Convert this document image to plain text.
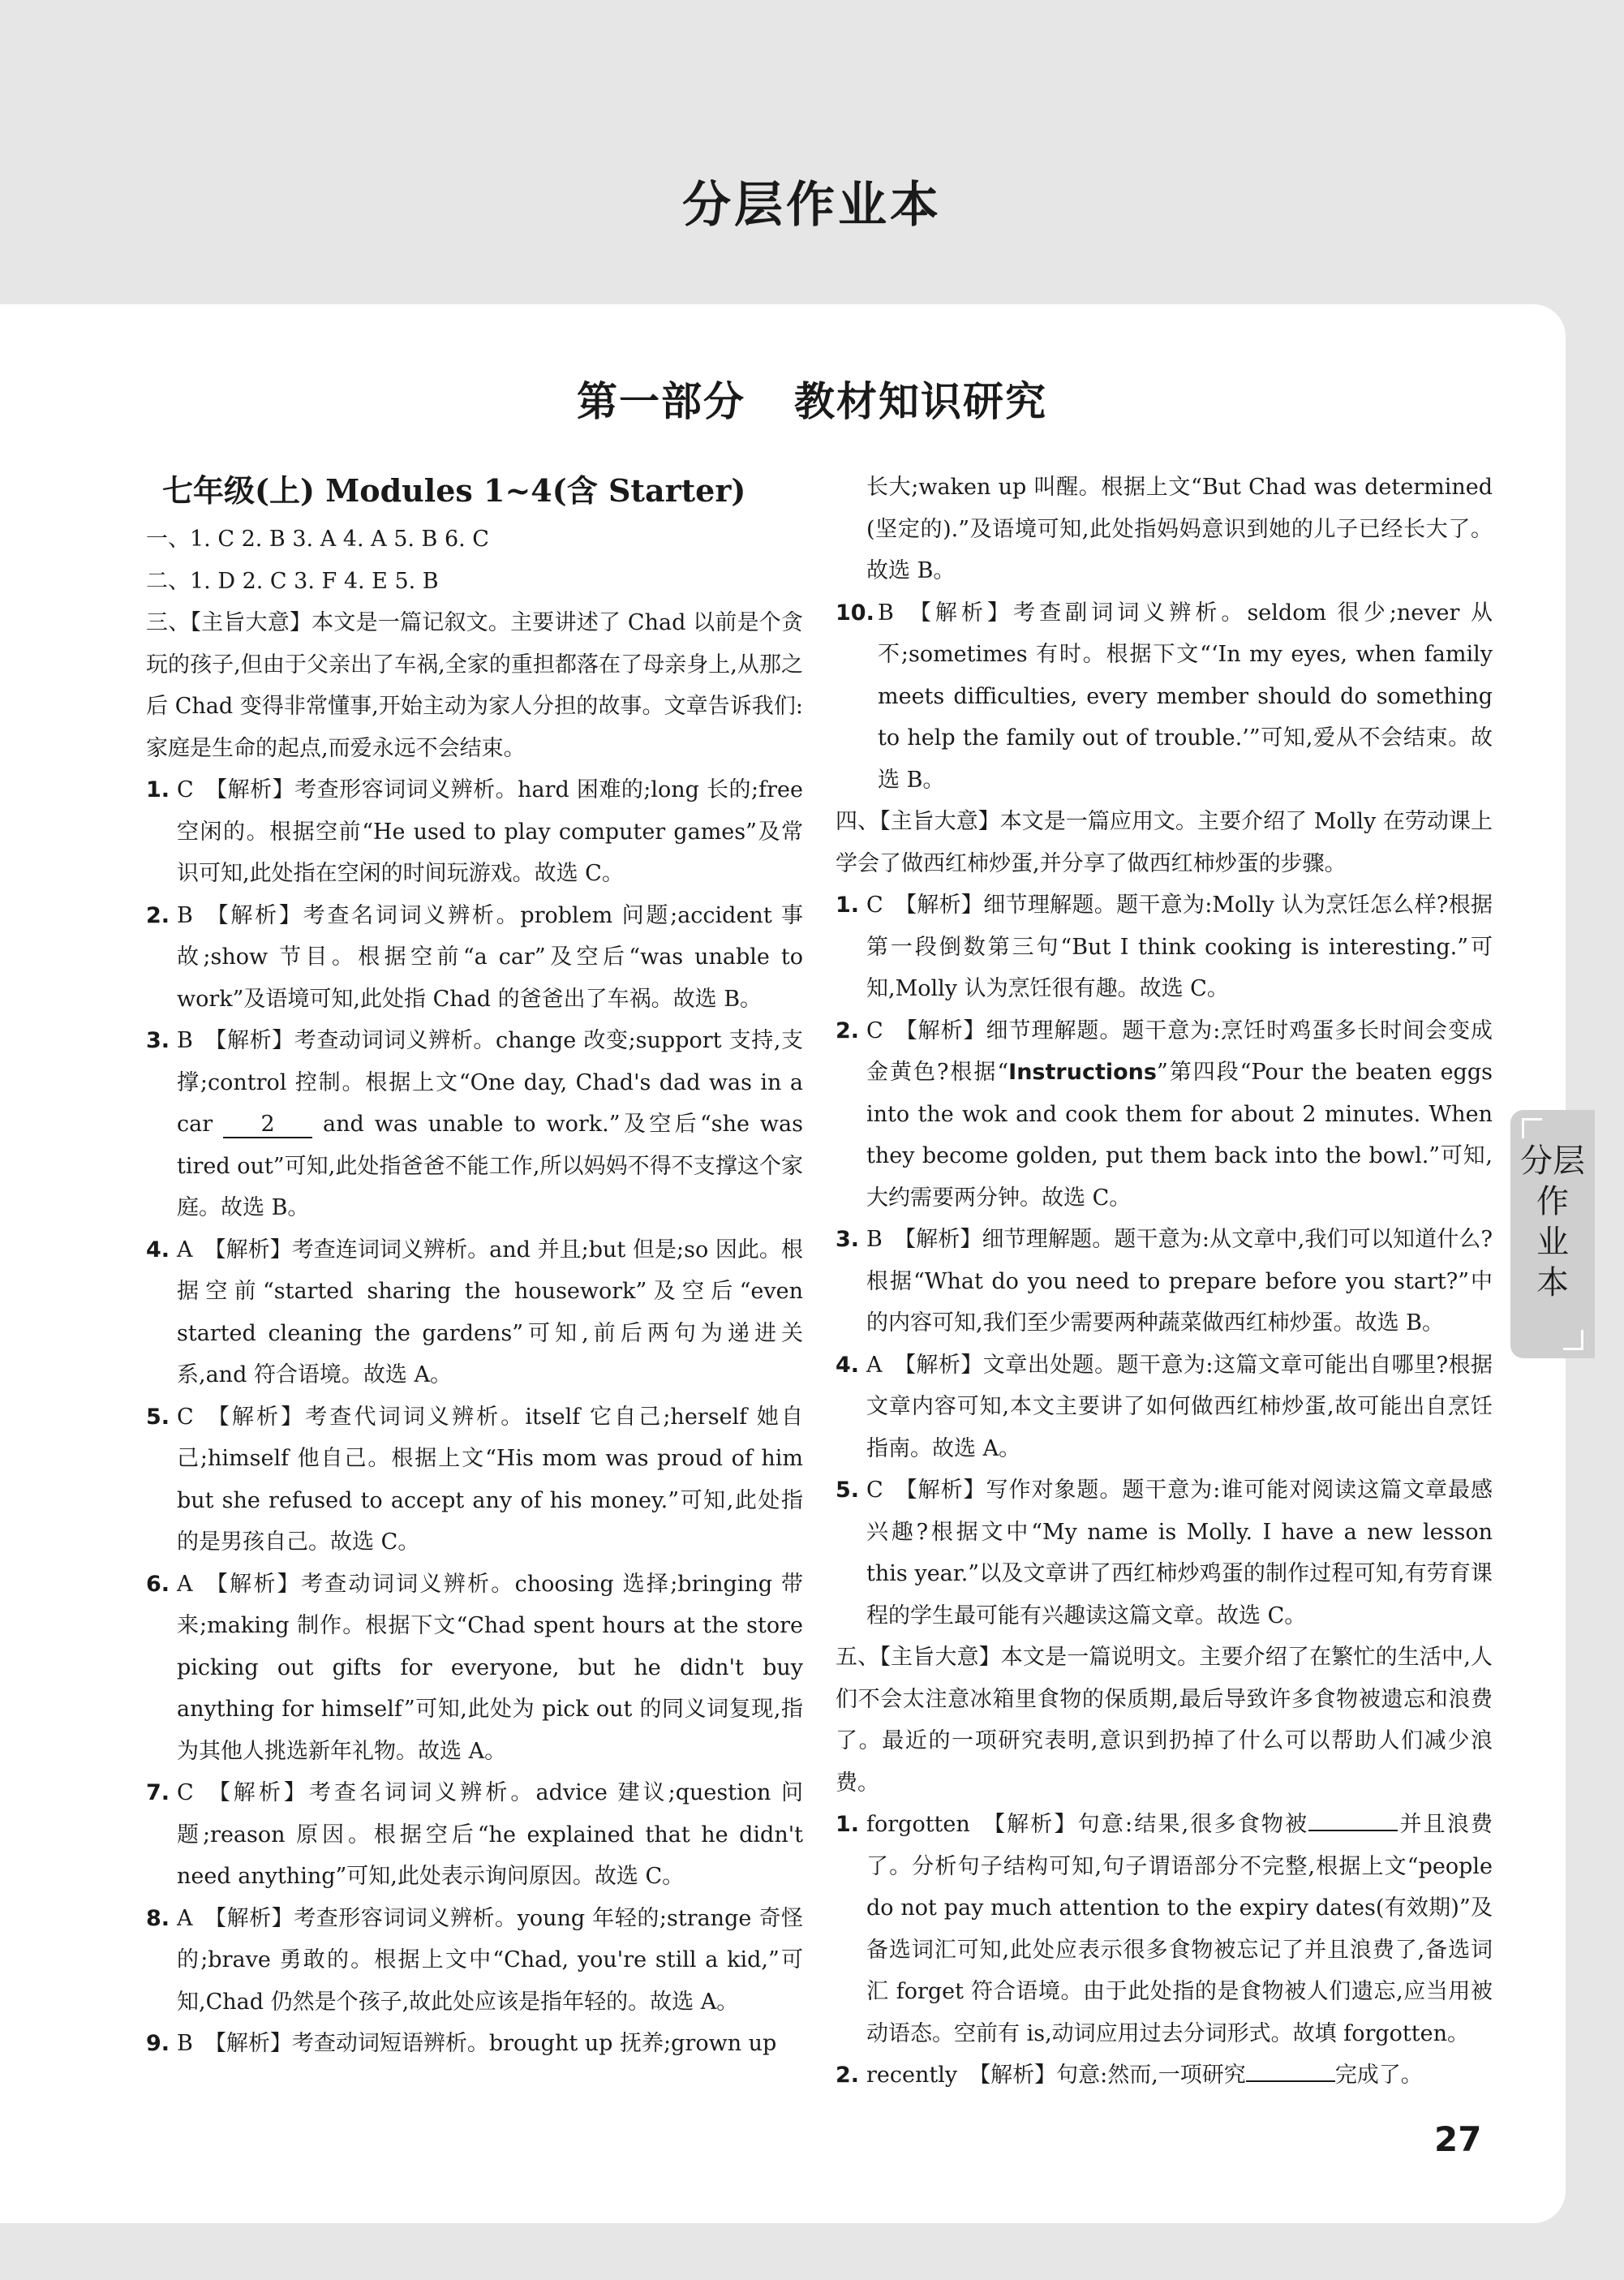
分层作业本
第一部分 教材知识研究
七年级(上) Modules 1~4(含 Starter)
一、1. C 2. B 3. A 4. A 5. B 6. C
二、1. D 2. C 3. F 4. E 5. B
三、【主旨大意】本文是一篇记叙文。主要讲述了 Chad 以前是个贪玩的孩子,但由于父亲出了车祸,全家的重担都落在了母亲身上,从那之后 Chad 变得非常懂事,开始主动为家人分担的故事。文章告诉我们:家庭是生命的起点,而爱永远不会结束。
1. C 【解析】考查形容词词义辨析。hard 困难的;long 长的;free 空闲的。根据空前“He used to play computer games”及常识可知,此处指在空闲的时间玩游戏。故选 C。
2. B 【解析】考查名词词义辨析。problem 问题;accident 事故;show 节目。根据空前“a car”及空后“was unable to work”及语境可知,此处指 Chad 的爸爸出了车祸。故选 B。
3. B 【解析】考查动词词义辨析。change 改变;support 支持,支撑;control 控制。根据上文“One day, Chad's dad was in a car 2 and was unable to work.”及空后“she was tired out”可知,此处指爸爸不能工作,所以妈妈不得不支撑这个家庭。故选 B。
4. A 【解析】考查连词词义辨析。and 并且;but 但是;so 因此。根据空前“started sharing the housework”及空后“even started cleaning the gardens”可知,前后两句为递进关系,and 符合语境。故选 A。
5. C 【解析】考查代词词义辨析。itself 它自己;herself 她自己;himself 他自己。根据上文“His mom was proud of him but she refused to accept any of his money.”可知,此处指的是男孩自己。故选 C。
6. A 【解析】考查动词词义辨析。choosing 选择;bringing 带来;making 制作。根据下文“Chad spent hours at the store picking out gifts for everyone, but he didn't buy anything for himself”可知,此处为 pick out 的同义词复现,指为其他人挑选新年礼物。故选 A。
7. C 【解析】考查名词词义辨析。advice 建议;question 问题;reason 原因。根据空后“he explained that he didn't need anything”可知,此处表示询问原因。故选 C。
8. A 【解析】考查形容词词义辨析。young 年轻的;strange 奇怪的;brave 勇敢的。根据上文中“Chad, you're still a kid,”可知,Chad 仍然是个孩子,故此处应该是指年轻的。故选 A。
9. B 【解析】考查动词短语辨析。brought up 抚养;grown up
长大;waken up 叫醒。根据上文“But Chad was determined (坚定的).”及语境可知,此处指妈妈意识到她的儿子已经长大了。故选 B。
10. B 【解析】考查副词词义辨析。seldom 很少;never 从不;sometimes 有时。根据下文“‘In my eyes, when family meets difficulties, every member should do something to help the family out of trouble.’”可知,爱从不会结束。故选 B。
四、【主旨大意】本文是一篇应用文。主要介绍了 Molly 在劳动课上学会了做西红柿炒蛋,并分享了做西红柿炒蛋的步骤。
1. C 【解析】细节理解题。题干意为:Molly 认为烹饪怎么样?根据第一段倒数第三句“But I think cooking is interesting.”可知,Molly 认为烹饪很有趣。故选 C。
2. C 【解析】细节理解题。题干意为:烹饪时鸡蛋多长时间会变成金黄色?根据“Instructions”第四段“Pour the beaten eggs into the wok and cook them for about 2 minutes. When they become golden, put them back into the bowl.”可知,大约需要两分钟。故选 C。
3. B 【解析】细节理解题。题干意为:从文章中,我们可以知道什么?根据“What do you need to prepare before you start?”中的内容可知,我们至少需要两种蔬菜做西红柿炒蛋。故选 B。
4. A 【解析】文章出处题。题干意为:这篇文章可能出自哪里?根据文章内容可知,本文主要讲了如何做西红柿炒蛋,故可能出自烹饪指南。故选 A。
5. C 【解析】写作对象题。题干意为:谁可能对阅读这篇文章最感兴趣?根据文中“My name is Molly. I have a new lesson this year.”以及文章讲了西红柿炒鸡蛋的制作过程可知,有劳育课程的学生最可能有兴趣读这篇文章。故选 C。
五、【主旨大意】本文是一篇说明文。主要介绍了在繁忙的生活中,人们不会太注意冰箱里食物的保质期,最后导致许多食物被遗忘和浪费了。最近的一项研究表明,意识到扔掉了什么可以帮助人们减少浪费。
1. forgotten 【解析】句意:结果,很多食物被	并且浪费了。分析句子结构可知,句子谓语部分不完整,根据上文“people do not pay much attention to the expiry dates(有效期)”及备选词汇可知,此处应表示很多食物被忘记了并且浪费了,备选词汇 forget 符合语境。由于此处指的是食物被人们遗忘,应当用被动语态。空前有 is,动词应用过去分词形式。故填 forgotten。
2. recently 【解析】句意:然而,一项研究	完成了。
分层
作业本
27
